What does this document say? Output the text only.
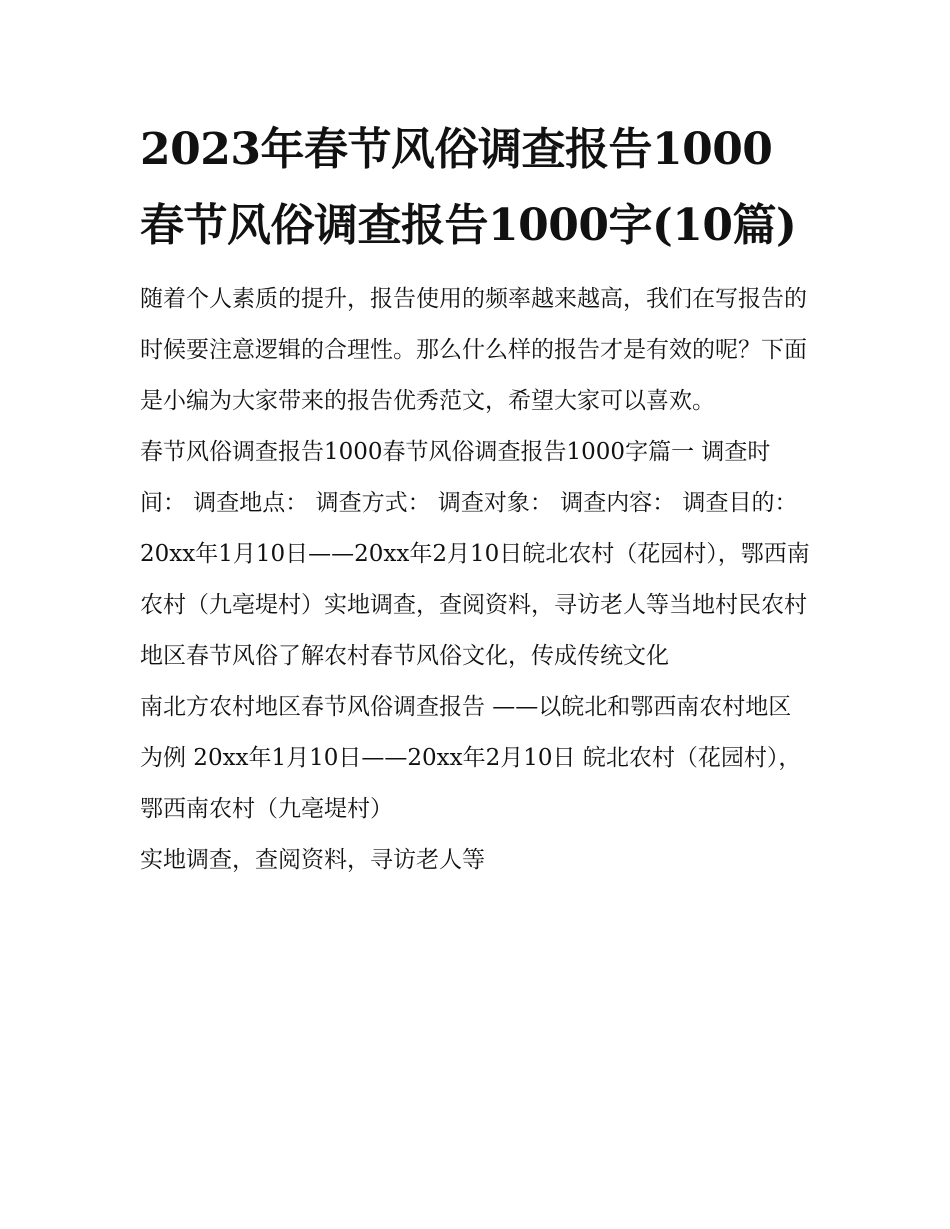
2023年春节风俗调查报告1000春节风俗调查报告1000字(10篇)

随着个人素质的提升，报告使用的频率越来越高，我们在写报告的时候要注意逻辑的合理性。那么什么样的报告才是有效的呢？下面是小编为大家带来的报告优秀范文，希望大家可以喜欢。

春节风俗调查报告1000春节风俗调查报告1000字篇一 调查时间： 调查地点： 调查方式： 调查对象： 调查内容： 调查目的：

20xx年1月10日——20xx年2月10日皖北农村（花园村），鄂西南农村（九亳堤村）实地调查，查阅资料，寻访老人等当地村民农村地区春节风俗了解农村春节风俗文化，传成传统文化

南北方农村地区春节风俗调查报告 ——以皖北和鄂西南农村地区为例 20xx年1月10日——20xx年2月10日 皖北农村（花园村），鄂西南农村（九亳堤村）

实地调查，查阅资料，寻访老人等
